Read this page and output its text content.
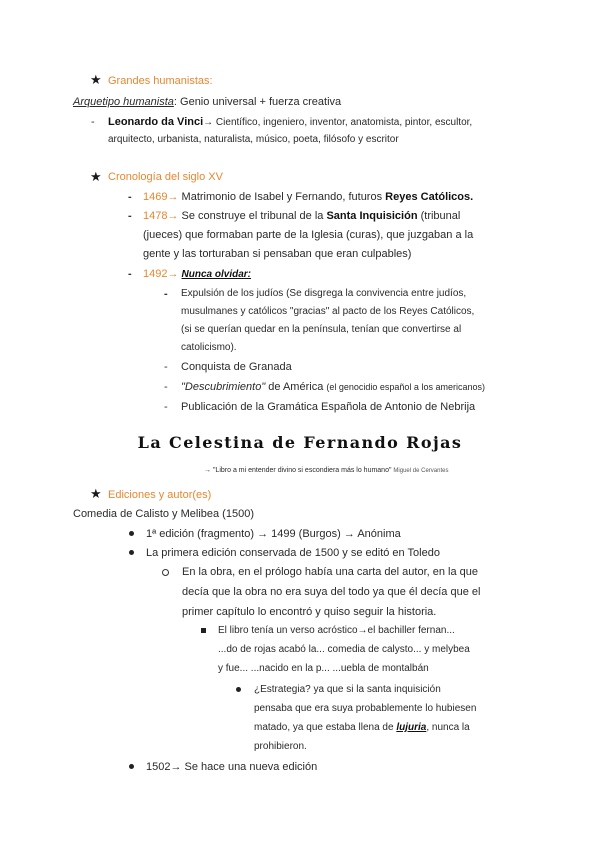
★ Grandes humanistas:
Arquetipo humanista: Genio universal + fuerza creativa
- Leonardo da Vinci→ Científico, ingeniero, inventor, anatomista, pintor, escultor,
arquitecto, urbanista, naturalista, músico, poeta, filósofo y escritor
★ Cronología del siglo XV
- 1469→ Matrimonio de Isabel y Fernando, futuros Reyes Católicos.
- 1478→ Se construye el tribunal de la Santa Inquisición (tribunal
(jueces) que formaban parte de la Iglesia (curas), que juzgaban a la
gente y las torturaban si pensaban que eran culpables)
- 1492→ Nunca olvidar:
- Expulsión de los judíos (Se disgrega la convivencia entre judíos,
musulmanes y católicos "gracias" al pacto de los Reyes Católicos,
(si se querían quedar en la península, tenían que convertirse al
catolicismo).
- Conquista de Granada
- "Descubrimiento" de América (el genocidio español a los americanos)
- Publicación de la Gramática Española de Antonio de Nebrija
La Celestina de Fernando Rojas
→ "Libro a mi entender divino si escondiera más lo humano" Miguel de Cervantes
★ Ediciones y autor(es)
Comedia de Calisto y Melibea (1500)
1ª edición (fragmento) → 1499 (Burgos) → Anónima
La primera edición conservada de 1500 y se editó en Toledo
En la obra, en el prólogo había una carta del autor, en la que
decía que la obra no era suya del todo ya que él decía que el
primer capítulo lo encontró y quiso seguir la historia.
El libro tenía un verso acróstico→el bachiller fernan...
...do de rojas acabó la... comedia de calysto... y melybea
y fue... ...nacido en la p... ...uebla de montalbán
¿Estrategia? ya que si la santa inquisición
pensaba que era suya probablemente lo hubiesen
matado, ya que estaba llena de lujuria, nunca la
prohibieron.
1502→ Se hace una nueva edición
